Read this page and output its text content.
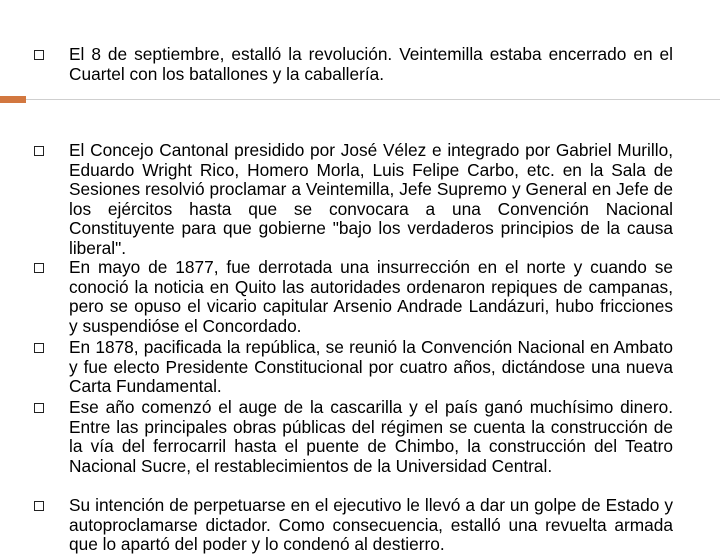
El 8 de septiembre, estalló la revolución. Veintemilla estaba encerrado en el Cuartel con los batallones y la caballería.
El Concejo Cantonal presidido por José Vélez e integrado por Gabriel Murillo, Eduardo Wright Rico, Homero Morla, Luis Felipe Carbo, etc. en la Sala de Sesiones resolvió proclamar a Veintemilla, Jefe Supremo y General en Jefe de los ejércitos hasta que se convocara a una Convención Nacional Constituyente para que gobierne "bajo los verdaderos principios de la causa liberal".
En mayo de 1877, fue derrotada una insurrección en el norte y cuando se conoció la noticia en Quito las autoridades ordenaron repiques de campanas, pero se opuso el vicario capitular Arsenio Andrade Landázuri, hubo fricciones y suspendióse el Concordado.
En 1878, pacificada la república, se reunió la Convención Nacional en Ambato y fue electo Presidente Constitucional por cuatro años, dictándose una nueva Carta Fundamental.
Ese año comenzó el auge de la cascarilla y el país ganó muchísimo dinero. Entre las principales obras públicas del régimen se cuenta la construcción de la vía del ferrocarril hasta el puente de Chimbo, la construcción del Teatro Nacional Sucre, el restablecimientos de la Universidad Central.
Su intención de perpetuarse en el ejecutivo le llevó a dar un golpe de Estado y autoproclamarse dictador. Como consecuencia, estalló una revuelta armada que lo apartó del poder y lo condenó al destierro.
